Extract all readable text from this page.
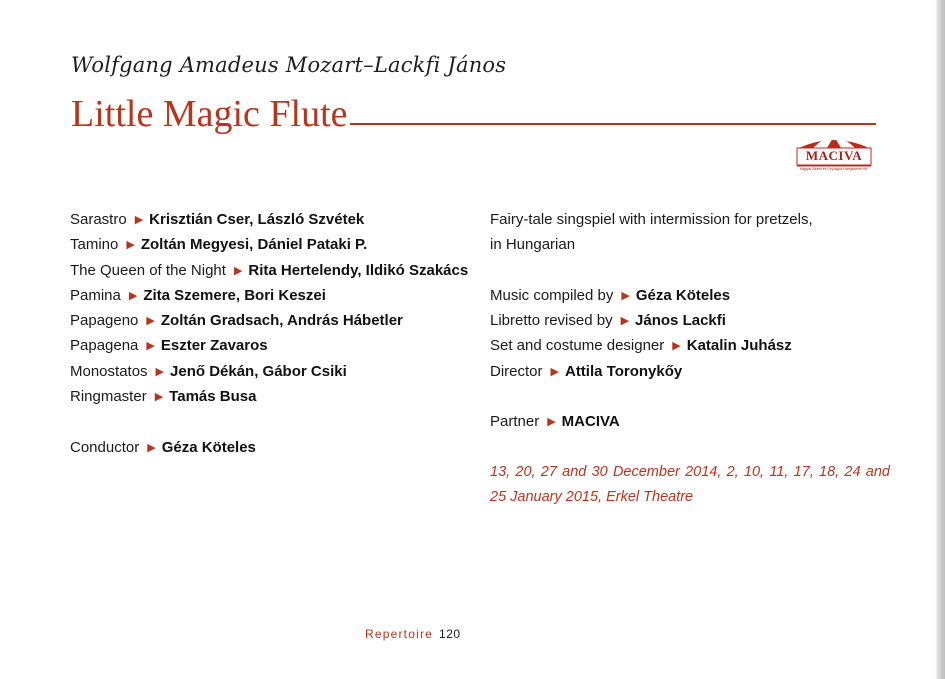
Wolfgang Amadeus Mozart–Lackfi János
Little Magic Flute
MACIVA
Magyar Állami és Országos Hangszeres Kft.
Sarastro ▶ Krisztián Cser, László Szvétek
Tamino ▶ Zoltán Megyesi, Dániel Pataki P.
The Queen of the Night ▶ Rita Hertelendy, Ildikó Szakács
Pamina ▶ Zita Szemere, Bori Keszei
Papageno ▶ Zoltán Gradsach, András Hábetler
Papagena ▶ Eszter Zavaros
Monostatos ▶ Jenő Dékán, Gábor Csiki
Ringmaster ▶ Tamás Busa
Conductor ▶ Géza Köteles
Fairy-tale singspiel with intermission for pretzels,
in Hungarian
Music compiled by ▶ Géza Köteles
Libretto revised by ▶ János Lackfi
Set and costume designer ▶ Katalin Juhász
Director ▶ Attila Toronykőy
Partner ▶ MACIVA
13, 20, 27 and 30 December 2014, 2, 10, 11, 17, 18, 24 and 25 January 2015, Erkel Theatre
Repertoire 120
